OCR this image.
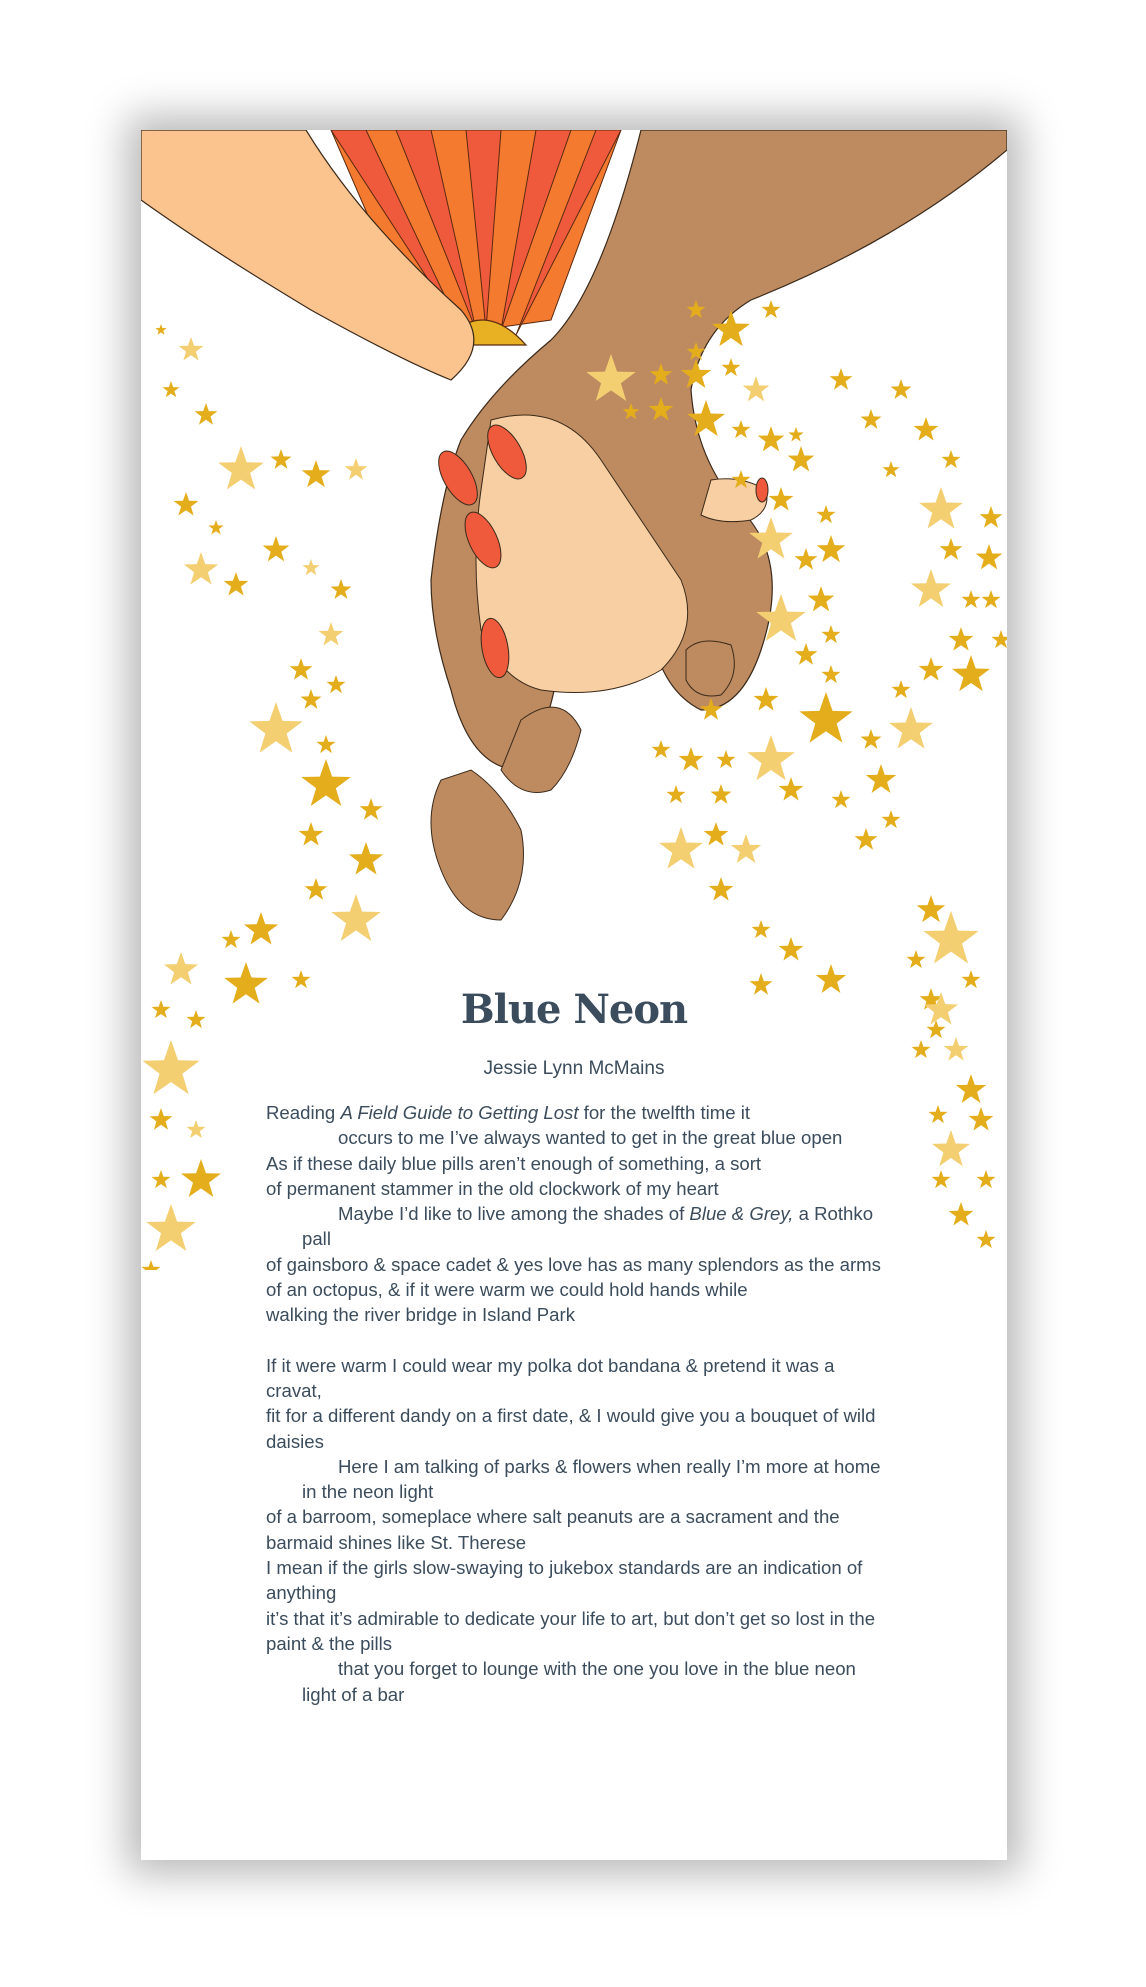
Blue Neon
Jessie Lynn McMains
Reading A Field Guide to Getting Lost for the twelfth time it
occurs to me I’ve always wanted to get in the great blue open
As if these daily blue pills aren’t enough of something, a sort
of permanent stammer in the old clockwork of my heart
Maybe I’d like to live among the shades of Blue & Grey, a Rothko pall
of gainsboro & space cadet & yes love has as many splendors as the arms
of an octopus, & if it were warm we could hold hands while
walking the river bridge in Island Park
If it were warm I could wear my polka dot bandana & pretend it was a cravat,
fit for a different dandy on a first date, & I would give you a bouquet of wild daisies
Here I am talking of parks & flowers when really I’m more at home in the neon light
of a barroom, someplace where salt peanuts are a sacrament and the barmaid shines like St. Therese
I mean if the girls slow-swaying to jukebox standards are an indication of anything
it’s that it’s admirable to dedicate your life to art, but don’t get so lost in the paint & the pills
that you forget to lounge with the one you love in the blue neon light of a bar
